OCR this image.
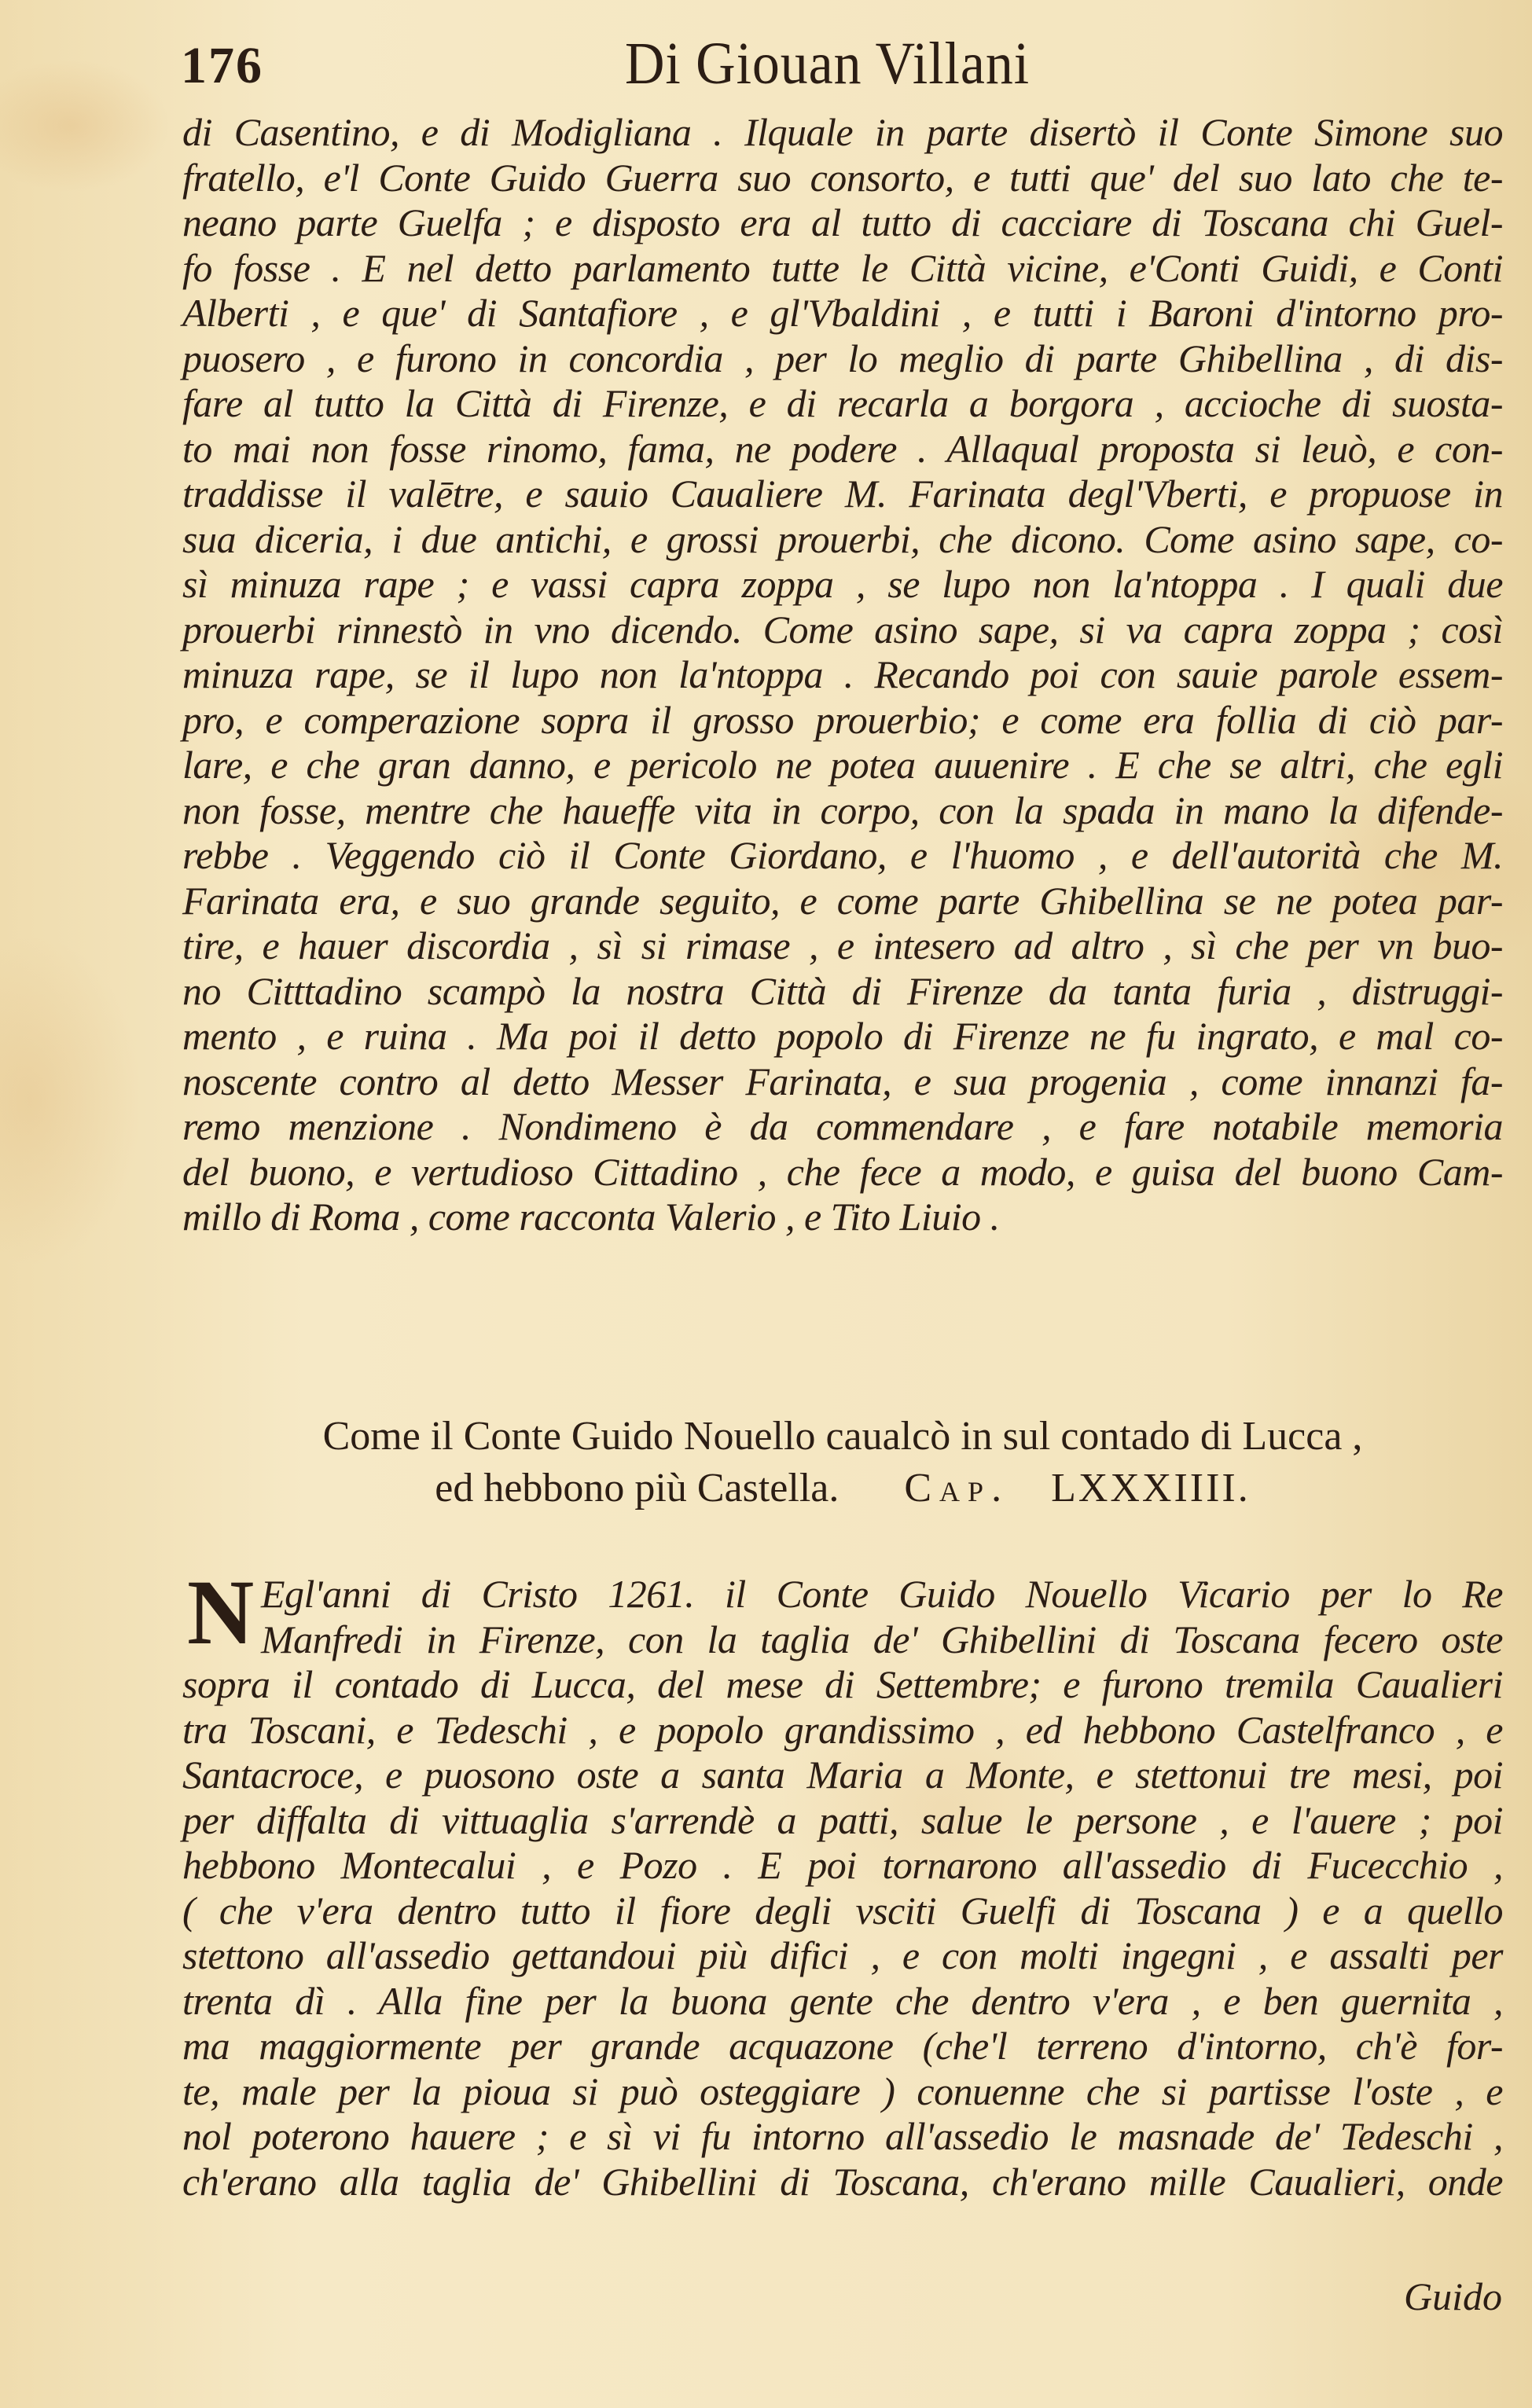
176	Di Giouan Villani
di Casentino, e di Modigliana . Ilquale in parte disertò il Conte Simone suo
fratello, e'l Conte Guido Guerra suo consorto, e tutti que' del suo lato che te-
neano parte Guelfa ; e disposto era al tutto di cacciare di Toscana chi Guel-
fo fosse . E nel detto parlamento tutte le Città vicine, e'Conti Guidi, e Conti
Alberti , e que' di Santafiore , e gl'Vbaldini , e tutti i Baroni d'intorno pro-
puosero , e furono in concordia , per lo meglio di parte Ghibellina , di dis-
fare al tutto la Città di Firenze, e di recarla a borgora , accioche di suosta-
to mai non fosse rinomo, fama, ne podere . Allaqual proposta si leuò, e con-
traddisse il valētre, e sauio Caualiere M. Farinata degl'Vberti, e propuose in
sua diceria, i due antichi, e grossi prouerbi, che dicono. Come asino sape, co-
sì minuza rape ; e vassi capra zoppa , se lupo non la'ntoppa . I quali due
prouerbi rinnestò in vno dicendo. Come asino sape, si va capra zoppa ; così
minuza rape, se il lupo non la'ntoppa . Recando poi con sauie parole essem-
pro, e comperazione sopra il grosso prouerbio; e come era follia di ciò par-
lare, e che gran danno, e pericolo ne potea auuenire . E che se altri, che egli
non fosse, mentre che haueffe vita in corpo, con la spada in mano la difende-
rebbe . Veggendo ciò il Conte Giordano, e l'huomo , e dell'autorità che M.
Farinata era, e suo grande seguito, e come parte Ghibellina se ne potea par-
tire, e hauer discordia , sì si rimase , e intesero ad altro , sì che per vn buo-
no Citttadino scampò la nostra Città di Firenze da tanta furia , distruggi-
mento , e ruina . Ma poi il detto popolo di Firenze ne fu ingrato, e mal co-
noscente contro al detto Messer Farinata, e sua progenia , come innanzi fa-
remo menzione . Nondimeno è da commendare , e fare notabile memoria
del buono, e vertudioso Cittadino , che fece a modo, e guisa del buono Cam-
millo di Roma , come racconta Valerio , e Tito Liuio .
Come il Conte Guido Nouello caualcò in sul contado di Lucca ,
ed hebbono più Castella. Cap. LXXXIIII.
N Egl'anni di Cristo 1261. il Conte Guido Nouello Vicario per lo Re
Manfredi in Firenze, con la taglia de' Ghibellini di Toscana fecero oste
sopra il contado di Lucca, del mese di Settembre; e furono tremila Caualieri
tra Toscani, e Tedeschi , e popolo grandissimo , ed hebbono Castelfranco , e
Santacroce, e puosono oste a santa Maria a Monte, e stettonui tre mesi, poi
per diffalta di vittuaglia s'arrendè a patti, salue le persone , e l'auere ; poi
hebbono Montecalui , e Pozo . E poi tornarono all'assedio di Fucecchio ,
( che v'era dentro tutto il fiore degli vsciti Guelfi di Toscana ) e a quello
stettono all'assedio gettandoui più difici , e con molti ingegni , e assalti per
trenta dì . Alla fine per la buona gente che dentro v'era , e ben guernita ,
ma maggiormente per grande acquazone (che'l terreno d'intorno, ch'è for-
te, male per la pioua si può osteggiare ) conuenne che si partisse l'oste , e
nol poterono hauere ; e sì vi fu intorno all'assedio le masnade de' Tedeschi ,
ch'erano alla taglia de' Ghibellini di Toscana, ch'erano mille Caualieri, onde
Guido
